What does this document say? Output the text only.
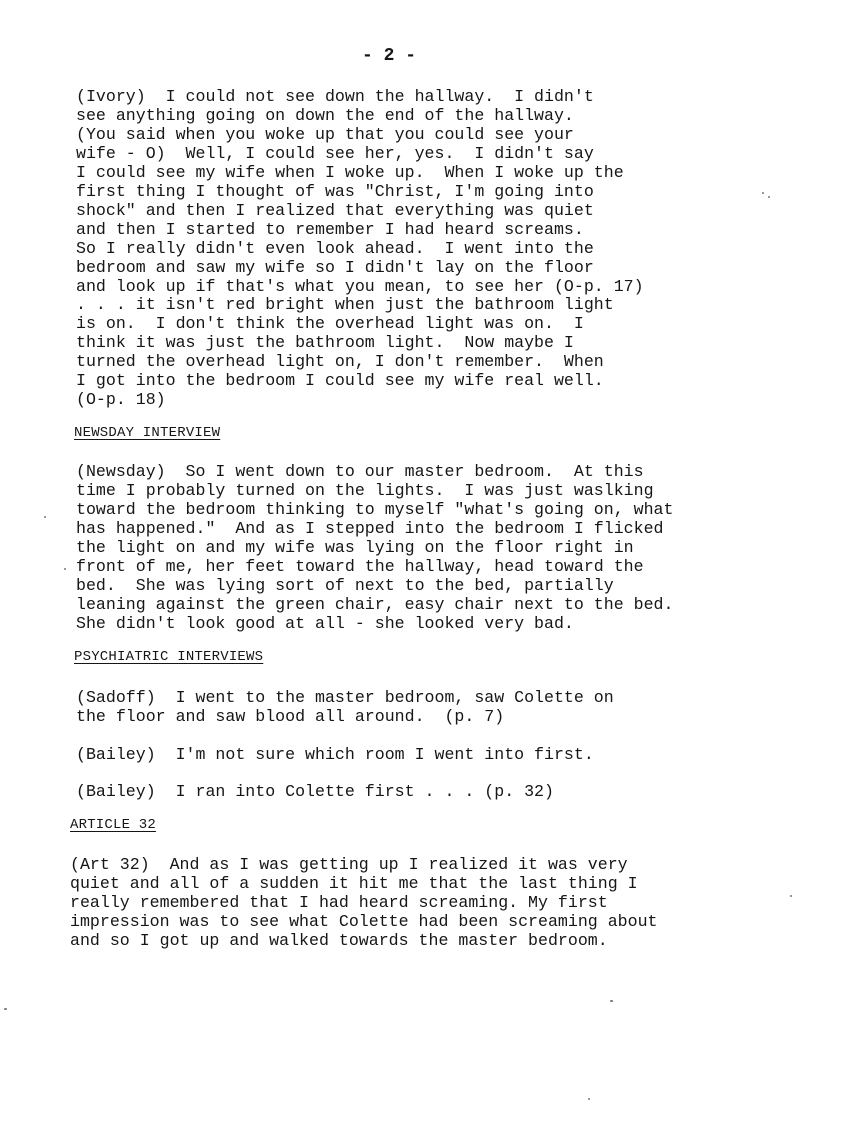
- 2 -

(Ivory)  I could not see down the hallway.  I didn't
see anything going on down the end of the hallway.
(You said when you woke up that you could see your
wife - O)  Well, I could see her, yes.  I didn't say
I could see my wife when I woke up.  When I woke up the
first thing I thought of was "Christ, I'm going into
shock" and then I realized that everything was quiet
and then I started to remember I had heard screams.
So I really didn't even look ahead.  I went into the
bedroom and saw my wife so I didn't lay on the floor
and look up if that's what you mean, to see her (O-p. 17)
. . . it isn't red bright when just the bathroom light
is on.  I don't think the overhead light was on.  I
think it was just the bathroom light.  Now maybe I
turned the overhead light on, I don't remember.  When
I got into the bedroom I could see my wife real well.
(O-p. 18)

NEWSDAY INTERVIEW

(Newsday)  So I went down to our master bedroom.  At this
time I probably turned on the lights.  I was just waslking
toward the bedroom thinking to myself "what's going on, what
has happened."  And as I stepped into the bedroom I flicked
the light on and my wife was lying on the floor right in
front of me, her feet toward the hallway, head toward the
bed.  She was lying sort of next to the bed, partially
leaning against the green chair, easy chair next to the bed.
She didn't look good at all - she looked very bad.

PSYCHIATRIC INTERVIEWS

(Sadoff)  I went to the master bedroom, saw Colette on
the floor and saw blood all around.  (p. 7)

(Bailey)  I'm not sure which room I went into first.

(Bailey)  I ran into Colette first . . . (p. 32)

ARTICLE 32

(Art 32)  And as I was getting up I realized it was very
quiet and all of a sudden it hit me that the last thing I
really remembered that I had heard screaming. My first
impression was to see what Colette had been screaming about
and so I got up and walked towards the master bedroom.
